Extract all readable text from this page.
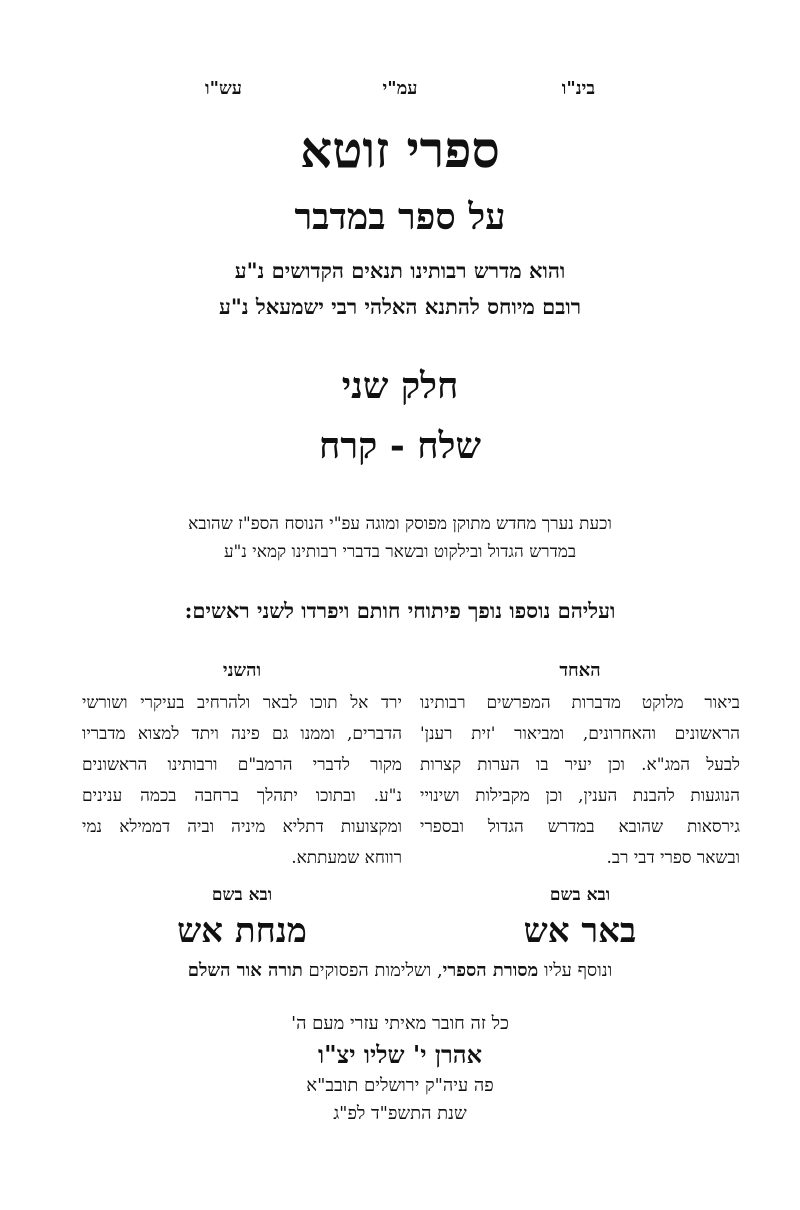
בינ"ו
עמ"י
עש"ו
ספרי זוטא
על ספר במדבר
והוא מדרש רבותינו תנאים הקדושים נ"ע
רובם מיוחס להתנא האלהי רבי ישמעאל נ"ע
חלק שני
שלח - קרח
וכעת נערך מחדש מתוקן מפוסק ומוגה עפ"י הנוסח הספ"ז שהובא
במדרש הגדול ובילקוט ובשאר בדברי רבותינו קמאי נ"ע
ועליהם נוספו נופך פיתוחי חותם ויפרדו לשני ראשים:
האחד
ביאור מלוקט מדברות המפרשים רבותינו
הראשונים והאחרונים, ומביאור 'זית רענן'
לבעל המג"א. וכן יעיר בו הערות קצרות
הנוגעות להבנת הענין, וכן מקבילות ושינויי
גירסאות שהובא במדרש הגדול ובספרי
ובשאר ספרי דבי רב.
ובא בשם
באר אש
והשני
ירד אל תוכו לבאר ולהרחיב בעיקרי ושורשי
הדברים, וממנו גם פינה ויתד למצוא מדבריו
מקור לדברי הרמב"ם ורבותינו הראשונים
נ"ע. ובתוכו יתהלך ברחבה בכמה ענינים
ומקצועות דתליא מיניה וביה דממילא נמי
רווחא שמעתתא.
ובא בשם
מנחת אש
ונוסף עליו מסורת הספרי, ושלימות הפסוקים תורה אור השלם
כל זה חובר מאיתי עזרי מעם ה'
אהרן י' שליו יצ"ו
פה עיה"ק ירושלים תובב"א
שנת התשפ"ד לפ"ג
